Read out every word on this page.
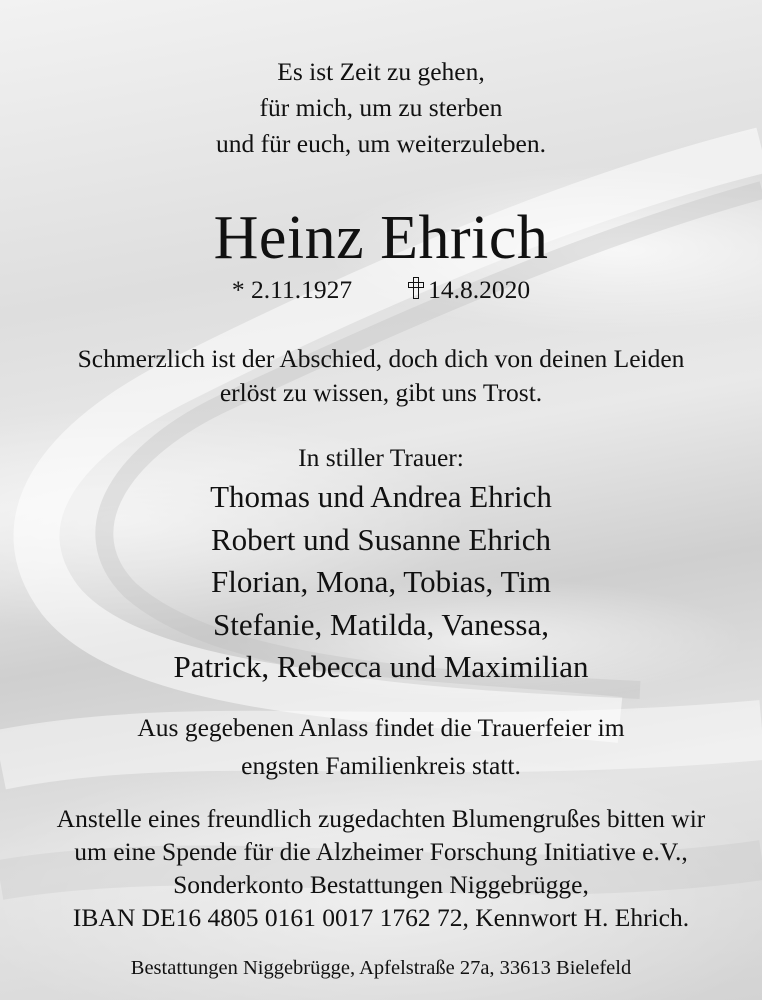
Es ist Zeit zu gehen,
für mich, um zu sterben
und für euch, um weiterzuleben.
Heinz Ehrich
* 2.11.1927	14.8.2020
Schmerzlich ist der Abschied, doch dich von deinen Leiden
erlöst zu wissen, gibt uns Trost.
In stiller Trauer:
Thomas und Andrea Ehrich
Robert und Susanne Ehrich
Florian, Mona, Tobias, Tim
Stefanie, Matilda, Vanessa,
Patrick, Rebecca und Maximilian
Aus gegebenen Anlass findet die Trauerfeier im
engsten Familienkreis statt.
Anstelle eines freundlich zugedachten Blumengrußes bitten wir
um eine Spende für die Alzheimer Forschung Initiative e.V.,
Sonderkonto Bestattungen Niggebrügge,
IBAN DE16 4805 0161 0017 1762 72, Kennwort H. Ehrich.
Bestattungen Niggebrügge, Apfelstraße 27a, 33613 Bielefeld
